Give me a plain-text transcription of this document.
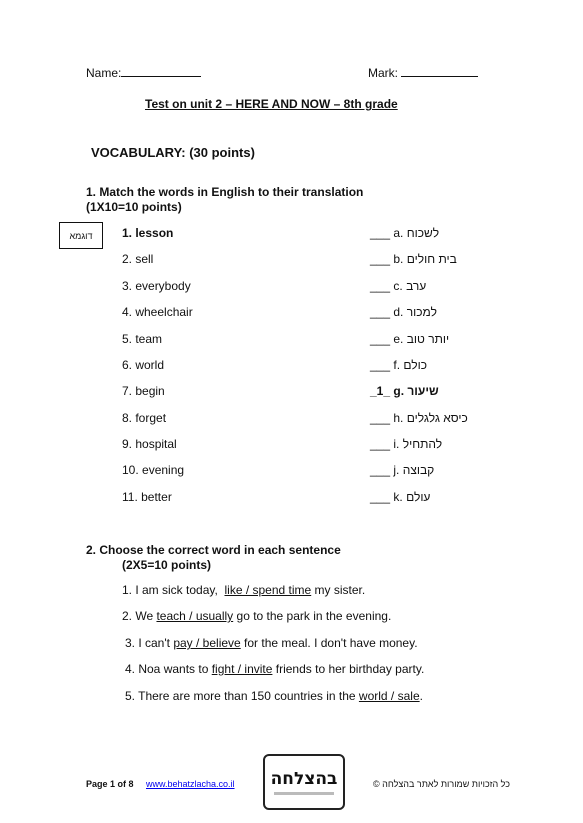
Name:	Mark:
Test on unit 2 – HERE AND NOW – 8th grade
VOCABULARY: (30 points)
1. Match the words in English to their translation
(1X10=10 points)
דוגמא 1. lesson
2. sell
3. everybody
4. wheelchair
5. team
6. world
7. begin
8. forget
9. hospital
10. evening
11. better
___ a. לשכוח
___ b. בית חולים
___ c. ערב
___ d. למכור
___ e. יותר טוב
___ f. כולם
_1_ g. שיעור
___ h. כיסא גלגלים
___ i. להתחיל
___ j. קבוצה
___ k. עולם
2. Choose the correct word in each sentence
(2X5=10 points)
1. I am sick today,  like / spend time my sister.
2. We teach / usually go to the park in the evening.
3. I can't pay / believe for the meal. I don't have money.
4. Noa wants to fight / invite friends to her birthday party.
5. There are more than 150 countries in the world / sale.
Page 1 of 8 www.behatzlacha.co.il בהצלחה	כל הזכויות שמורות לאתר בהצלחה ©
